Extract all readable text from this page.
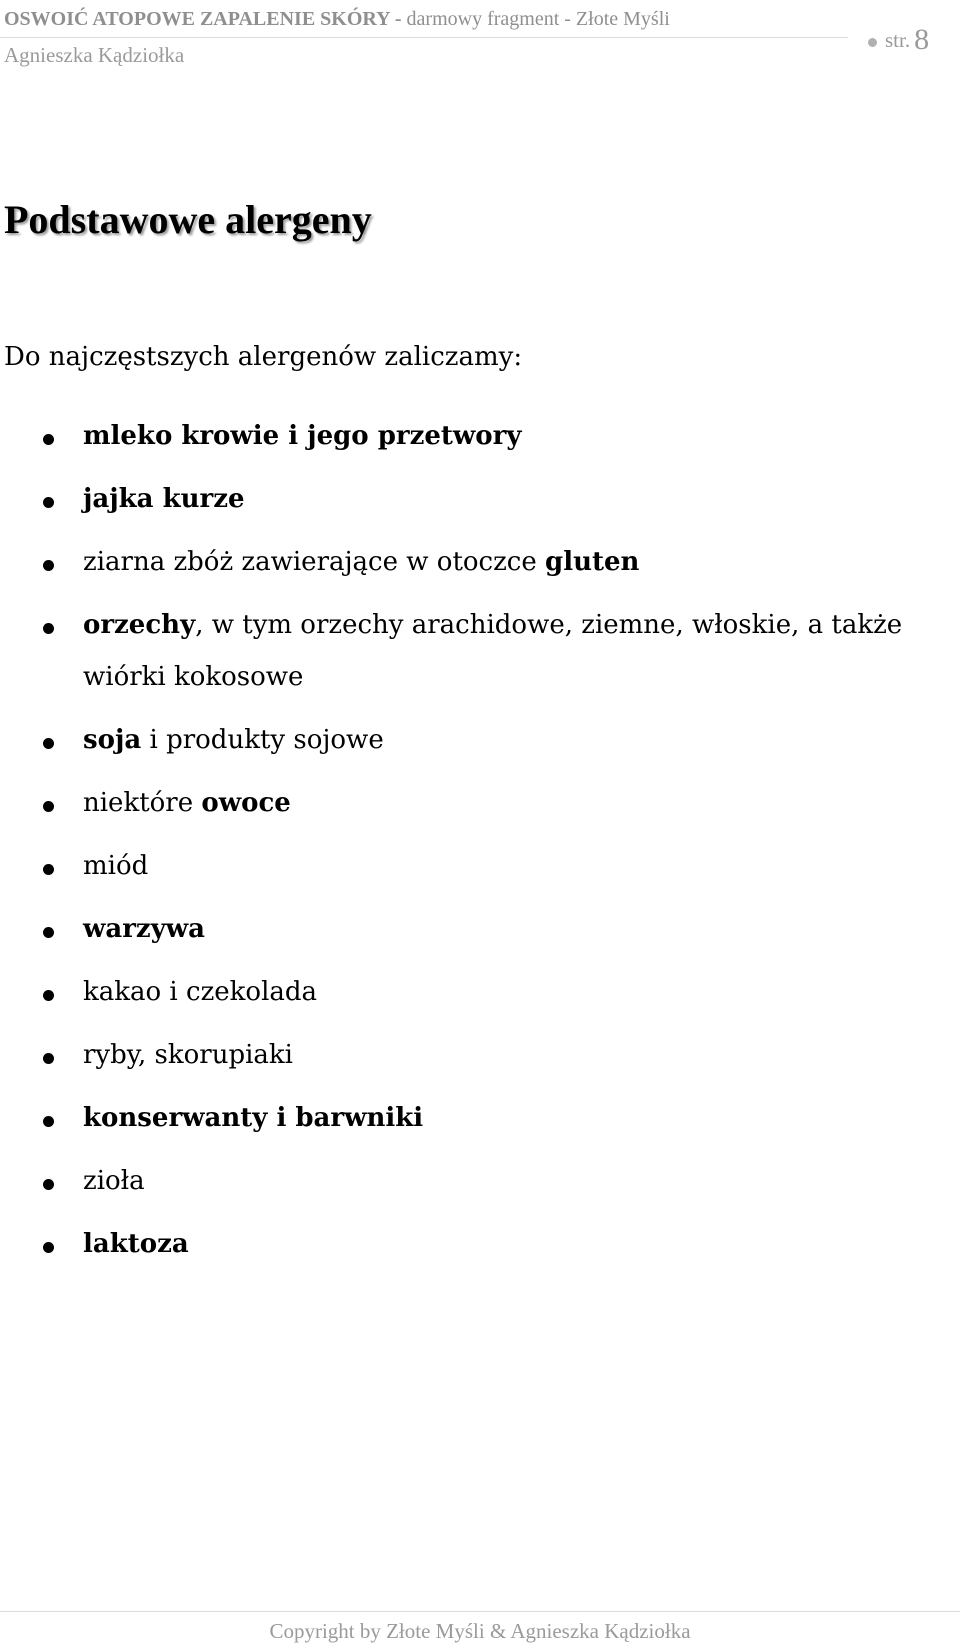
OSWOIĆ ATOPOWE ZAPALENIE SKÓRY - darmowy fragment - Złote Myśli
Agnieszka Kądziołka
str. 8
Podstawowe alergeny

Do najczęstszych alergenów zaliczamy:

mleko krowie i jego przetwory
jajka kurze
ziarna zbóż zawierające w otoczce gluten
orzechy, w tym orzechy arachidowe, ziemne, włoskie, a także
wiórki kokosowe
soja i produkty sojowe
niektóre owoce
miód
warzywa
kakao i czekolada
ryby, skorupiaki
konserwanty i barwniki
zioła
laktoza
Copyright by Złote Myśli & Agnieszka Kądziołka
